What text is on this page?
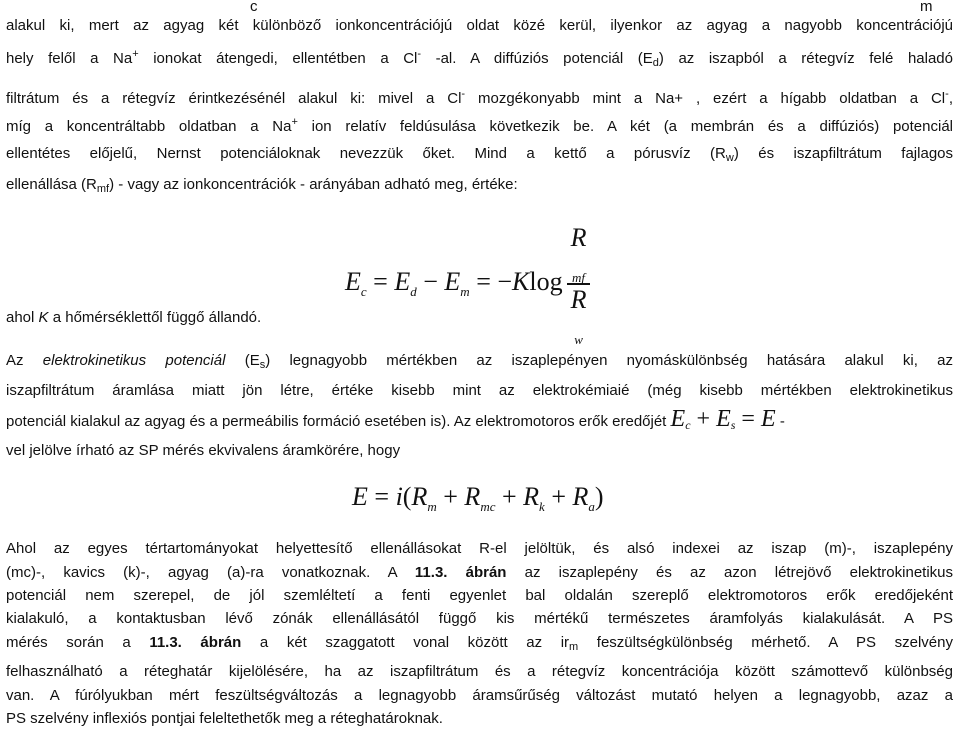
c	m
alakul ki, mert az agyag két különböző ionkoncentrációjú oldat közé kerül, ilyenkor az agyag a nagyobb koncentrációjú
hely felől a Na+ ionokat átengedi, ellentétben a Cl- -al. A diffúziós potenciál $(E_d)$ az iszapból a rétegvíz felé haladó
filtrátum és a rétegvíz érintkezésénél alakul ki: mivel a Cl- mozgékonyabb mint a Na+ , ezért a hígabb oldatban a Cl-,
míg a koncentráltabb oldatban a Na+ ion relatív feldúsulása következik be. A két (a membrán és a diffúziós) potenciál
ellentétes előjelű, Nernst potenciáloknak nevezzük őket. Mind a kettő a pórusvíz $(R_w)$ és iszapfiltrátum fajlagos
ellenállása $(R_{mf})$ - vagy az ionkoncentrációk - arányában adható meg, értéke:
$E_c = E_d - E_m = -Klog$ R
$_{mf}$
R
$_w$
ahol K a hőmérséklettől függő állandó.
Az elektrokinetikus potenciál $(E_s)$ legnagyobb mértékben az iszaplepényen nyomáskülönbség hatására alakul ki, az
iszapfiltrátum áramlása miatt jön létre, értéke kisebb mint az elektrokémiaié (még kisebb mértékben elektrokinetikus
potenciál kialakul az agyag és a permeábilis formáció esetében is). Az elektromotoros erők eredőjét $E_c + E_s = E$ -
vel jelölve írható az SP mérés ekvivalens áramkörére, hogy
$E = i(R_m + R_{mc} + R_k + R_a)$
Ahol az egyes tértartományokat helyettesítő ellenállásokat R-el jelöltük, és alsó indexei az iszap (m)-, iszaplepény
(mc)-, kavics (k)-, agyag (a)-ra vonatkoznak. A 11.3. ábrán az iszaplepény és az azon létrejövő elektrokinetikus
potenciál nem szerepel, de jól szemléltetí a fenti egyenlet bal oldalán szereplő elektromotoros erők eredőjeként
kialakuló, a kontaktusban lévő zónák ellenállásától függő kis mértékű természetes áramfolyás kialakulását. A PS
mérés során a 11.3. ábrán a két szaggatott vonal között az $ir_m$ feszültségkülönbség mérhető. A PS szelvény
felhasználható a réteghatár kijelölésére, ha az iszapfiltrátum és a rétegvíz koncentrációja között számottevő különbség
van. A fúrólyukban mért feszültségváltozás a legnagyobb áramsűrűség változást mutató helyen a legnagyobb, azaz a
PS szelvény inflexiós pontjai feleltethetők meg a réteghatároknak.
